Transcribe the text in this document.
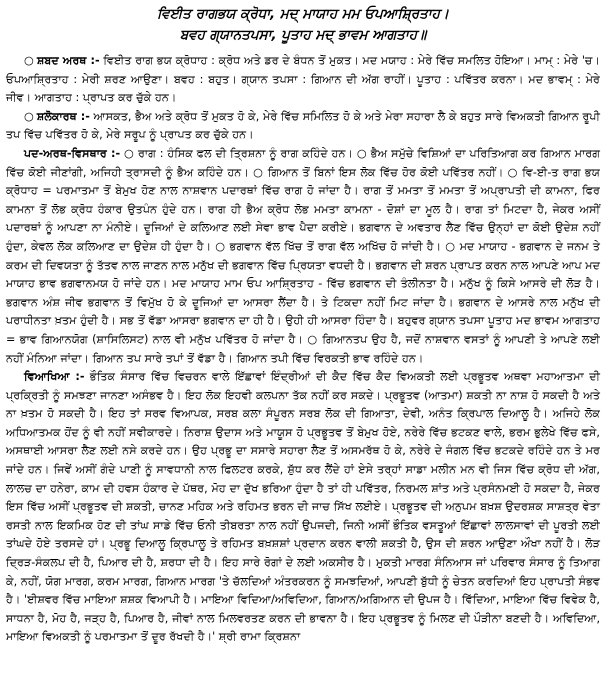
ਵਿਈਤ ਰਾਗਭਯ ਕ੍ਰੋਧਾ, ਮਦ੍ ਮਾਯਾਹ ਮਮ ਓਪਆਸ਼੍ਰਿਤਾਹ।

ਬਵਹ ਗ੍ਯਾਨਤਪਸਾ, ਪੂਤਾਹ ਮਦ੍ ਭਾਵਮ ਆਗਤਾਹ॥

○ ਸ਼ਬਦ ਅਰਥ :- ਵਿਈਤ ਰਾਗ ਭਯ ਕ੍ਰੋਧਾਹ : ਕ੍ਰੋਧ ਅਤੇ ਡਰ ਦੇ ਬੰਧਨ ਤੋਂ ਮੁਕਤ। ਮਦ ਮਯਾਹ : ਮੇਰੇ ਵਿੱਚ ਸਮਲਿਤ ਹੋਇਆ। ਮਾਮ੍ : ਮੇਰੇ 'ਚ। ਓਪਆਸ਼੍ਰਿਤਾਹ : ਮੇਰੀ ਸ਼ਰਣ ਆਉਣਾ। ਬਵਹ : ਬਹੁਤ। ਗ੍ਯਾਨ ਤਪਸਾ : ਗਿਆਨ ਦੀ ਅੱਗ ਰਾਹੀਂ। ਪੂਤਾਹ : ਪਵਿੱਤਰ ਕਰਨਾ। ਮਦ ਭਾਵਮ੍ : ਮੇਰੇ ਜੀਵ। ਆਗਤਾਹ : ਪ੍ਰਾਪਤ ਕਰ ਚੁੱਕੇ ਹਨ।

○ ਸ਼ਲੋਕਾਰਥ :- ਆਸਕਤ, ਭੈਅ ਅਤੇ ਕ੍ਰੋਧ ਤੋਂ ਮੁਕਤ ਹੋ ਕੇ, ਮੇਰੇ ਵਿੱਚ ਸਮਿਲਿਤ ਹੋ ਕੇ ਅਤੇ ਮੇਰਾ ਸਹਾਰਾ ਲੈ ਕੇ ਬਹੁਤ ਸਾਰੇ ਵਿਅਕਤੀ ਗਿਆਨ ਰੂਪੀ ਤਪ ਵਿੱਚ ਪਵਿੱਤਰ ਹੋ ਕੇ, ਮੇਰੇ ਸਰੂਪ ਨੂੰ ਪ੍ਰਾਪਤ ਕਰ ਚੁੱਕੇ ਹਨ।

ਪਦ-ਅਰਥ-ਵਿਸਥਾਰ :- ○ ਰਾਗ : ਹੰਸਿਕ ਫਲ ਦੀ ਤ੍ਰਿਸ਼ਨਾ ਨੂੰ ਰਾਗ ਕਹਿੰਦੇ ਹਨ। ○ ਭੈਅ ਸਮੁੱਚੇ ਵਿਸ਼ਿਆਂ ਦਾ ਪਰਿਤਿਆਗ ਕਰ ਗਿਆਨ ਮਾਰਗ ਵਿੱਚ ਕੋਈ ਜੀਣਾਂਗੀ, ਅਜਿਹੀ ਤ੍ਰਾਸਦੀ ਨੂੰ ਭੈਅ ਕਹਿੰਦੇ ਹਨ। ○ ਗਿਆਨ ਤੋਂ ਬਿਨਾਂ ਇਸ ਲੋਕ ਵਿੱਚ ਹੋਰ ਕੋਈ ਪਵਿੱਤਰ ਨਹੀਂ। ○ ਵਿ-ਈ-ਤ ਰਾਗ ਭਯ ਕ੍ਰੋਧਾਹ = ਪਰਮਾਤਮਾ ਤੋਂ ਬੇਮੁਖ ਹੋਣ ਨਾਲ ਨਾਸ਼ਵਾਨ ਪਦਾਰਥਾਂ ਵਿੱਚ ਰਾਗ ਹੋ ਜਾਂਦਾ ਹੈ। ਰਾਗ ਤੋਂ ਮਮਤਾ ਤੋਂ ਮਮਤਾ ਤੋਂ ਅਪ੍ਰਾਪਤੀ ਦੀ ਕਾਮਨਾ, ਫਿਰ ਕਾਮਨਾ ਤੋਂ ਲੋਭ ਕ੍ਰੋਧ ਹੰਕਾਰ ਉਤਪੰਨ ਹੁੰਦੇ ਹਨ। ਰਾਗ ਹੀ ਭੈਅ ਕ੍ਰੋਧ ਲੋਭ ਮਮਤਾ ਕਾਮਨਾ - ਦੋਸ਼ਾਂ ਦਾ ਮੂਲ ਹੈ। ਰਾਗ ਤਾਂ ਮਿਟਦਾ ਹੈ, ਜੇਕਰ ਅਸੀਂ ਪਦਾਰਥਾਂ ਨੂੰ ਆਪਣਾ ਨਾ ਮੰਨੀਏ। ਦੂਜਿਆਂ ਦੇ ਕਲਿਆਣ ਲਈ ਸੇਵਾ ਭਾਵ ਪੈਦਾ ਕਰੀਏ। ਭਗਵਾਨ ਦੇ ਅਵਤਾਰ ਲੈਣ ਵਿੱਚ ਉਨ੍ਹਾਂ ਦਾ ਕੋਈ ਉਦੇਸ਼ ਨਹੀਂ ਹੁੰਦਾ, ਕੇਵਲ ਲੋਕ ਕਲਿਆਣ ਦਾ ਉਦੇਸ਼ ਹੀ ਹੁੰਦਾ ਹੈ। ○ ਭਗਵਾਨ ਵੱਲ ਖਿੱਚ ਤੋਂ ਰਾਗ ਵੱਲ ਅਖਿੱਚ ਹੋ ਜਾਂਦੀ ਹੈ। ○ ਮਦ ਮਾਯਾਹ - ਭਗਵਾਨ ਦੇ ਜਨਮ ਤੇ ਕਰਮ ਦੀ ਦਿਵਯਤਾ ਨੂੰ ਤੱਤਵ ਨਾਲ ਜਾਣਨ ਨਾਲ ਮਨੁੱਖ ਦੀ ਭਗਵਾਨ ਵਿੱਚ ਪ੍ਰਿਯਤਾ ਵਧਦੀ ਹੈ। ਭਗਵਾਨ ਦੀ ਸ਼ਰਨ ਪ੍ਰਾਪਤ ਕਰਨ ਨਾਲ ਆਪਣੇ ਆਪ ਮਦ ਮਾਯਾਹ ਭਾਵ ਭਗਵਾਨਮਯ ਹੋ ਜਾਂਦੇ ਹਨ। ਮਦ ਮਾਯਾਹ ਮਾਮ ਓਪ ਆਸ਼੍ਰਿਤਾਹ - ਵਿੱਚ ਭਗਵਾਨ ਦੀ ਤੰਲੀਨਤਾ ਹੈ। ਮਨੁੱਖ ਨੂੰ ਕਿਸੇ ਆਸਰੇ ਦੀ ਲੋੜ ਹੈ। ਭਗਵਾਨ ਅੰਸ਼ ਜੀਵ ਭਗਵਾਨ ਤੋਂ ਵਿਮੁੱਖ ਹੋ ਕੇ ਦੂਜਿਆਂ ਦਾ ਆਸਰਾ ਲੈਂਦਾ ਹੈ। ਤੇ ਟਿਕਦਾ ਨਹੀਂ ਮਿਟ ਜਾਂਦਾ ਹੈ। ਭਗਵਾਨ ਦੇ ਆਸਰੇ ਨਾਲ ਮਨੁੱਖ ਦੀ ਪਰਾਧੀਨਤਾ ਖ਼ਤਮ ਹੁੰਦੀ ਹੈ। ਸਭ ਤੋਂ ਵੱਡਾ ਆਸਰਾ ਭਗਵਾਨ ਦਾ ਹੀ ਹੈ। ਉਹੀ ਹੀ ਆਸਰਾ ਹਿੰਦਾ ਹੈ। ਬਹੁਵਰ ਗ੍ਯਾਨ ਤਪਸਾ ਪੂਤਾਹ ਮਦ ਭਾਵਮ ਆਗਤਾਹ = ਭਾਵ ਗਿਆਨਯੋਗ (ਸ਼ਾਸਿਲਿਸਟ) ਨਾਲ ਵੀ ਮਨੁੱਖ ਪਵਿੱਤਰ ਹੋ ਜਾਂਦਾ ਹੈ। ○ ਗਿਆਨਤਪ ਉਹ ਹੈ, ਜਦੋਂ ਨਾਸ਼ਵਾਨ ਵਸਤਾਂ ਨੂੰ ਆਪਣੀ ਤੇ ਆਪਣੇ ਲਈ ਨਹੀਂ ਮੰਨਿਆ ਜਾਂਦਾ। ਗਿਆਨ ਤਪ ਸਾਰੇ ਤਪਾਂ ਤੋਂ ਵੱਡਾ ਹੈ। ਗਿਆਨ ਤਪੀ ਵਿੱਚ ਵਿਰਕਤੀ ਭਾਵ ਰਹਿੰਦੇ ਹਨ।

ਵਿਆਖਿਆ :- ਭੌਤਿਕ ਸੰਸਾਰ ਵਿੱਚ ਵਿਚਰਨ ਵਾਲੇ ਇੱਛਾਵਾਂ ਇੰਦ੍ਰੀਆਂ ਦੀ ਕੈਦ ਵਿੱਚ ਕੈਦ ਵਿਅਕਤੀ ਲਈ ਪ੍ਰਭੂਤਵ ਅਥਵਾ ਮਹਾਆਤਮਾ ਦੀ ਪ੍ਰਕ੍ਰਿਤੀ ਨੂੰ ਸਮਝਣਾ ਜਾਨਣਾ ਅਸੰਭਵ ਹੈ। ਇਹ ਲੋਕ ਇਹਵੀ ਕਲਪਨਾ ਤੱਕ ਨਹੀਂ ਕਰ ਸਕਦੇ। ਪ੍ਰਭੂਤਵ (ਆਤਮਾ) ਸ਼ਕਤੀ ਨਾ ਨਾਸ਼ ਹੋ ਸਕਦੀ ਹੈ ਅਤੇ ਨਾ ਖ਼ਤਮ ਹੋ ਸਕਦੀ ਹੈ। ਇਹ ਤਾਂ ਸਰਵ ਵਿਆਪਕ, ਸਰਬ ਕਲਾ ਸੰਪੂਰਨ ਸਰਬ ਲੋਕ ਦੀ ਗਿਆਤਾ, ਦੇਵੀ, ਅਨੰਤ ਕ੍ਰਿਪਾਲ ਦਿਆਲੂ ਹੈ। ਅਜਿਹੇ ਲੋਕ ਅਧਿਆਤਮਕ ਹੋਂਦ ਨੂੰ ਵੀ ਨਹੀਂ ਸਵੀਕਾਰਦੇ। ਨਿਰਾਸ਼ ਉਦਾਸ ਅਤੇ ਮਾਯੂਸ ਹੋ ਪ੍ਰਭੂਤਵ ਤੋਂ ਬੇਮੁਖ ਹੋਏ, ਨਰੇਰੇ ਵਿੱਚ ਭਟਕਣ ਵਾਲੇ, ਭਰਮ ਭੁਲੇਖੇ ਵਿੱਚ ਫਸੇ, ਅਸਥਾਈ ਆਸਰਾ ਲੈਣ ਲਈ ਨਸੇ ਕਰਦੇ ਹਨ। ਉਹ ਪ੍ਰਭੂ ਦਾ ਸਸਾਰੇ ਸਹਾਰਾ ਲੈਣ ਤੋਂ ਅਸਮਰੱਥ ਹੋ ਕੇ, ਨਰੇਰੇ ਦੇ ਜੰਗਲ ਵਿੱਚ ਭਟਕਦੇ ਰਹਿੰਦੇ ਹਨ ਤੇ ਮਰ ਜਾਂਦੇ ਹਨ। ਜਿਵੇਂ ਅਸੀਂ ਗੰਦੇ ਪਾਣੀ ਨੂੰ ਸਾਵਧਾਨੀ ਨਾਲ ਫਿਲਟਰ ਕਰਕੇ, ਸ਼ੁੱਧ ਕਰ ਲੈਂਦੇ ਹਾਂ ਏਸੇ ਤਰ੍ਹਾਂ ਸਾਡਾ ਮਲੀਨ ਮਨ ਵੀ ਜਿਸ ਵਿੱਚ ਕ੍ਰੋਧ ਦੀ ਅੱਗ, ਲਾਲਚ ਦਾ ਹਨੇਰਾ, ਕਾਮ ਦੀ ਹਵਸ ਹੰਕਾਰ ਦੇ ਪੱਥਰ, ਮੋਹ ਦਾ ਦੁੱਖ ਭਰਿਆ ਹੁੰਦਾ ਹੈ ਤਾਂ ਹੀ ਪਵਿੱਤਰ, ਨਿਰਮਲ ਸ਼ਾਂਤ ਅਤੇ ਪ੍ਰਸੰਨਮਈ ਹੋ ਸਕਦਾ ਹੈ, ਜੇਕਰ ਇਸ ਵਿੱਚ ਅਸੀਂ ਪ੍ਰਭੂਤਵ ਦੀ ਸ਼ਕਤੀ, ਚਾਨਣ ਮਹਿਕ ਅਤੇ ਰਹਿਮਤ ਭਰਨ ਦੀ ਜਾਚ ਸਿੱਖ ਲਈਏ। ਪ੍ਰਭੂਤਵ ਦੀ ਅਨੁਪਮ ਬਖ਼ਸ਼ ਉਦਰਸ਼ਕ ਸਾਸ਼ਤ੍ਰ ਵੇਤਾ ਰਸਤੀ ਨਾਲ ਇਕਮਿਕ ਹੋਣ ਦੀ ਤਾਂਘ ਸਾਡੇ ਵਿੱਚ ਓਨੀ ਤੀਬਰਤਾ ਨਾਲ ਨਹੀਂ ਉਪਜਦੀ, ਜਿਨੀ ਅਸੀਂ ਭੌਤਿਕ ਵਸਤੂਆਂ ਇੱਛਾਵਾਂ ਲਾਲਸਾਵਾਂ ਦੀ ਪੂਰਤੀ ਲਈ ਤਾਂਘਦੇ ਹੋਏ ਤਰਸਦੇ ਹਾਂ। ਪ੍ਰਭੂ ਦਿਆਲੂ ਕ੍ਰਿਪਾਲੂ ਤੇ ਰਹਿਮਤ ਬਖ਼ਸ਼ਸ਼ਾਂ ਪ੍ਰਦਾਨ ਕਰਨ ਵਾਲੀ ਸ਼ਕਤੀ ਹੈ, ਉਸ ਦੀ ਸ਼ਰਨ ਆਉਣਾ ਔਖਾ ਨਹੀਂ ਹੈ। ਲੋੜ ਦ੍ਰਿੜ-ਸੰਕਲਪ ਦੀ ਹੈ, ਪਿਆਰ ਦੀ ਹੈ, ਸ਼ਰਧਾ ਦੀ ਹੈ। ਇਹ ਸਾਰੇ ਰੋਗਾਂ ਦੇ ਲਈ ਅਕਸੀਰ ਹੈ। ਮੁਕਤੀ ਮਾਰਗ ਸੰਨਿਆਸ ਜਾਂ ਪਰਿਵਾਰ ਸੰਸਾਰ ਨੂੰ ਤਿਆਗ ਕੇ, ਨਹੀਂ, ਯੋਗ ਮਾਰਗ, ਕਰਮ ਮਾਰਗ, ਗਿਆਨ ਮਾਰਗ 'ਤੇ ਚੱਲਦਿਆਂ ਅੰਤਰਕਰਨ ਨੂੰ ਸਮਝਦਿਆਂ, ਆਪਣੀ ਬੁੱਧੀ ਨੂੰ ਚੇਤਨ ਕਰਦਿਆਂ ਇਹ ਪ੍ਰਾਪਤੀ ਸੰਭਵ ਹੈ। 'ਈਸ਼ਵਰ ਵਿੱਚ ਮਾਇਆ ਸ਼ਸ਼ਕ ਵਿਆਪੀ ਹੈ। ਮਾਇਆ ਵਿਦਿਆ/ਅਵਿਦਿਆ, ਗਿਆਨ/ਅਗਿਆਨ ਦੀ ਉਪਜ ਹੈ। ਵਿੱਦਿਆ, ਮਾਇਆ ਵਿੱਚ ਵਿਵੇਕ ਹੈ, ਸਾਧਨਾ ਹੈ, ਮੋਹ ਹੈ, ਜੜ੍ਹ ਹੈ, ਪਿਆਰ ਹੈ, ਜੀਵਾਂ ਨਾਲ ਮਿਲਵਰਤਣ ਕਰਨ ਦੀ ਭਾਵਨਾ ਹੈ। ਇਹ ਪ੍ਰਭੂਤਵ ਨੂੰ ਮਿਲਣ ਦੀ ਪੌੜੀਨਾ ਬਣਦੀ ਹੈ। ਅਵਿਦਿਆ, ਮਾਇਆ ਵਿਅਕਤੀ ਨੂੰ ਪਰਮਾਤਮਾ ਤੋਂ ਦੂਰ ਰੱਖਦੀ ਹੈ।' ਸ਼੍ਰੀ ਰਾਮਾ ਕ੍ਰਿਸ਼ਨਾ
